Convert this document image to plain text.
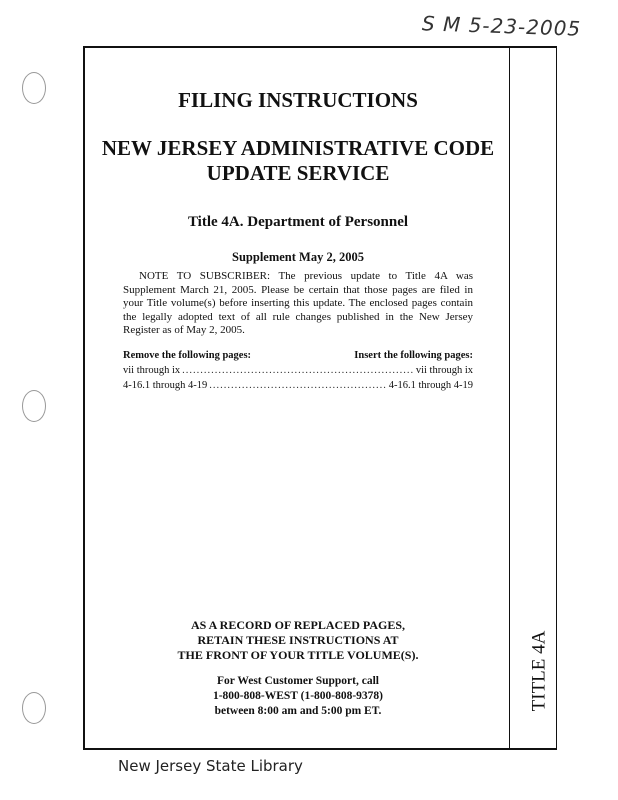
S M 5-23-2005
FILING INSTRUCTIONS
NEW JERSEY ADMINISTRATIVE CODE
UPDATE SERVICE
Title 4A. Department of Personnel
Supplement May 2, 2005
NOTE TO SUBSCRIBER: The previous update to Title 4A was Supplement March 21, 2005. Please be certain that those pages are filed in your Title volume(s) before inserting this update. The enclosed pages contain the legally adopted text of all rule changes published in the New Jersey Register as of May 2, 2005.
Remove the following pages:	Insert the following pages:
vii through ix .....	vii through ix
4-16.1 through 4-19 .....	4-16.1 through 4-19
AS A RECORD OF REPLACED PAGES,
RETAIN THESE INSTRUCTIONS AT
THE FRONT OF YOUR TITLE VOLUME(S).
For West Customer Support, call
1-800-808-WEST (1-800-808-9378)
between 8:00 am and 5:00 pm ET.	TITLE 4A
New Jersey State Library
